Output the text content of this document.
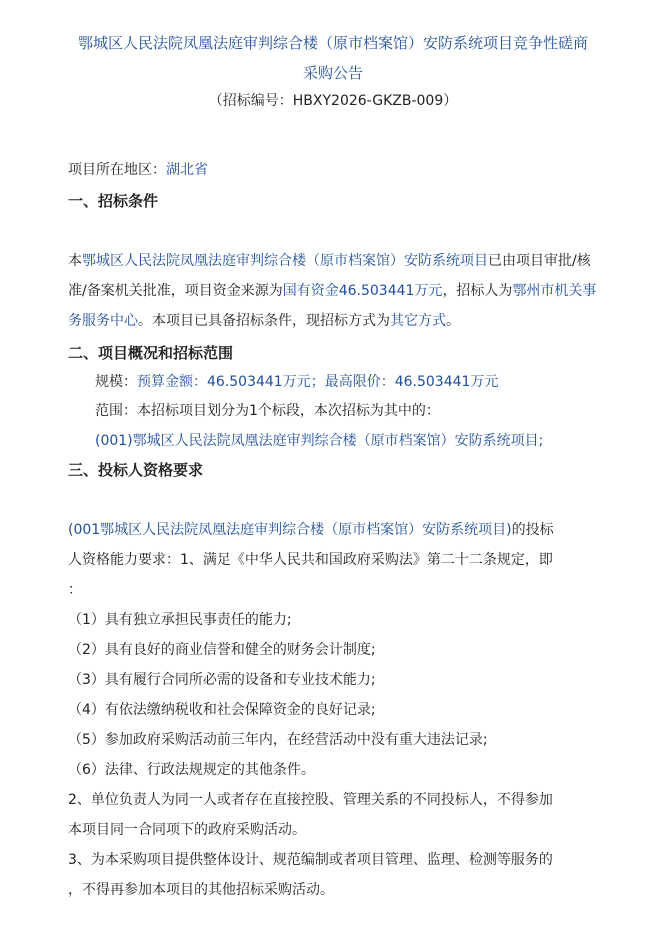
鄂城区人民法院凤凰法庭审判综合楼（原市档案馆）安防系统项目竞争性磋商
采购公告
（招标编号：HBXY2026-GKZB-009）
项目所在地区：湖北省
一、招标条件
本鄂城区人民法院凤凰法庭审判综合楼（原市档案馆）安防系统项目已由项目审批/核准/备案机关批准，项目资金来源为国有资金46.503441万元，招标人为鄂州市机关事务服务中心。本项目已具备招标条件，现招标方式为其它方式。
二、项目概况和招标范围
规模：预算金额：46.503441万元；最高限价：46.503441万元
范围：本招标项目划分为1个标段，本次招标为其中的：
(001)鄂城区人民法院凤凰法庭审判综合楼（原市档案馆）安防系统项目;
三、投标人资格要求
(001鄂城区人民法院凤凰法庭审判综合楼（原市档案馆）安防系统项目)的投标
人资格能力要求：1、满足《中华人民共和国政府采购法》第二十二条规定，即
：
（1）具有独立承担民事责任的能力;
（2）具有良好的商业信誉和健全的财务会计制度;
（3）具有履行合同所必需的设备和专业技术能力;
（4）有依法缴纳税收和社会保障资金的良好记录;
（5）参加政府采购活动前三年内，在经营活动中没有重大违法记录;
（6）法律、行政法规规定的其他条件。
2、单位负责人为同一人或者存在直接控股、管理关系的不同投标人，不得参加
本项目同一合同项下的政府采购活动。
3、为本采购项目提供整体设计、规范编制或者项目管理、监理、检测等服务的
，不得再参加本项目的其他招标采购活动。
